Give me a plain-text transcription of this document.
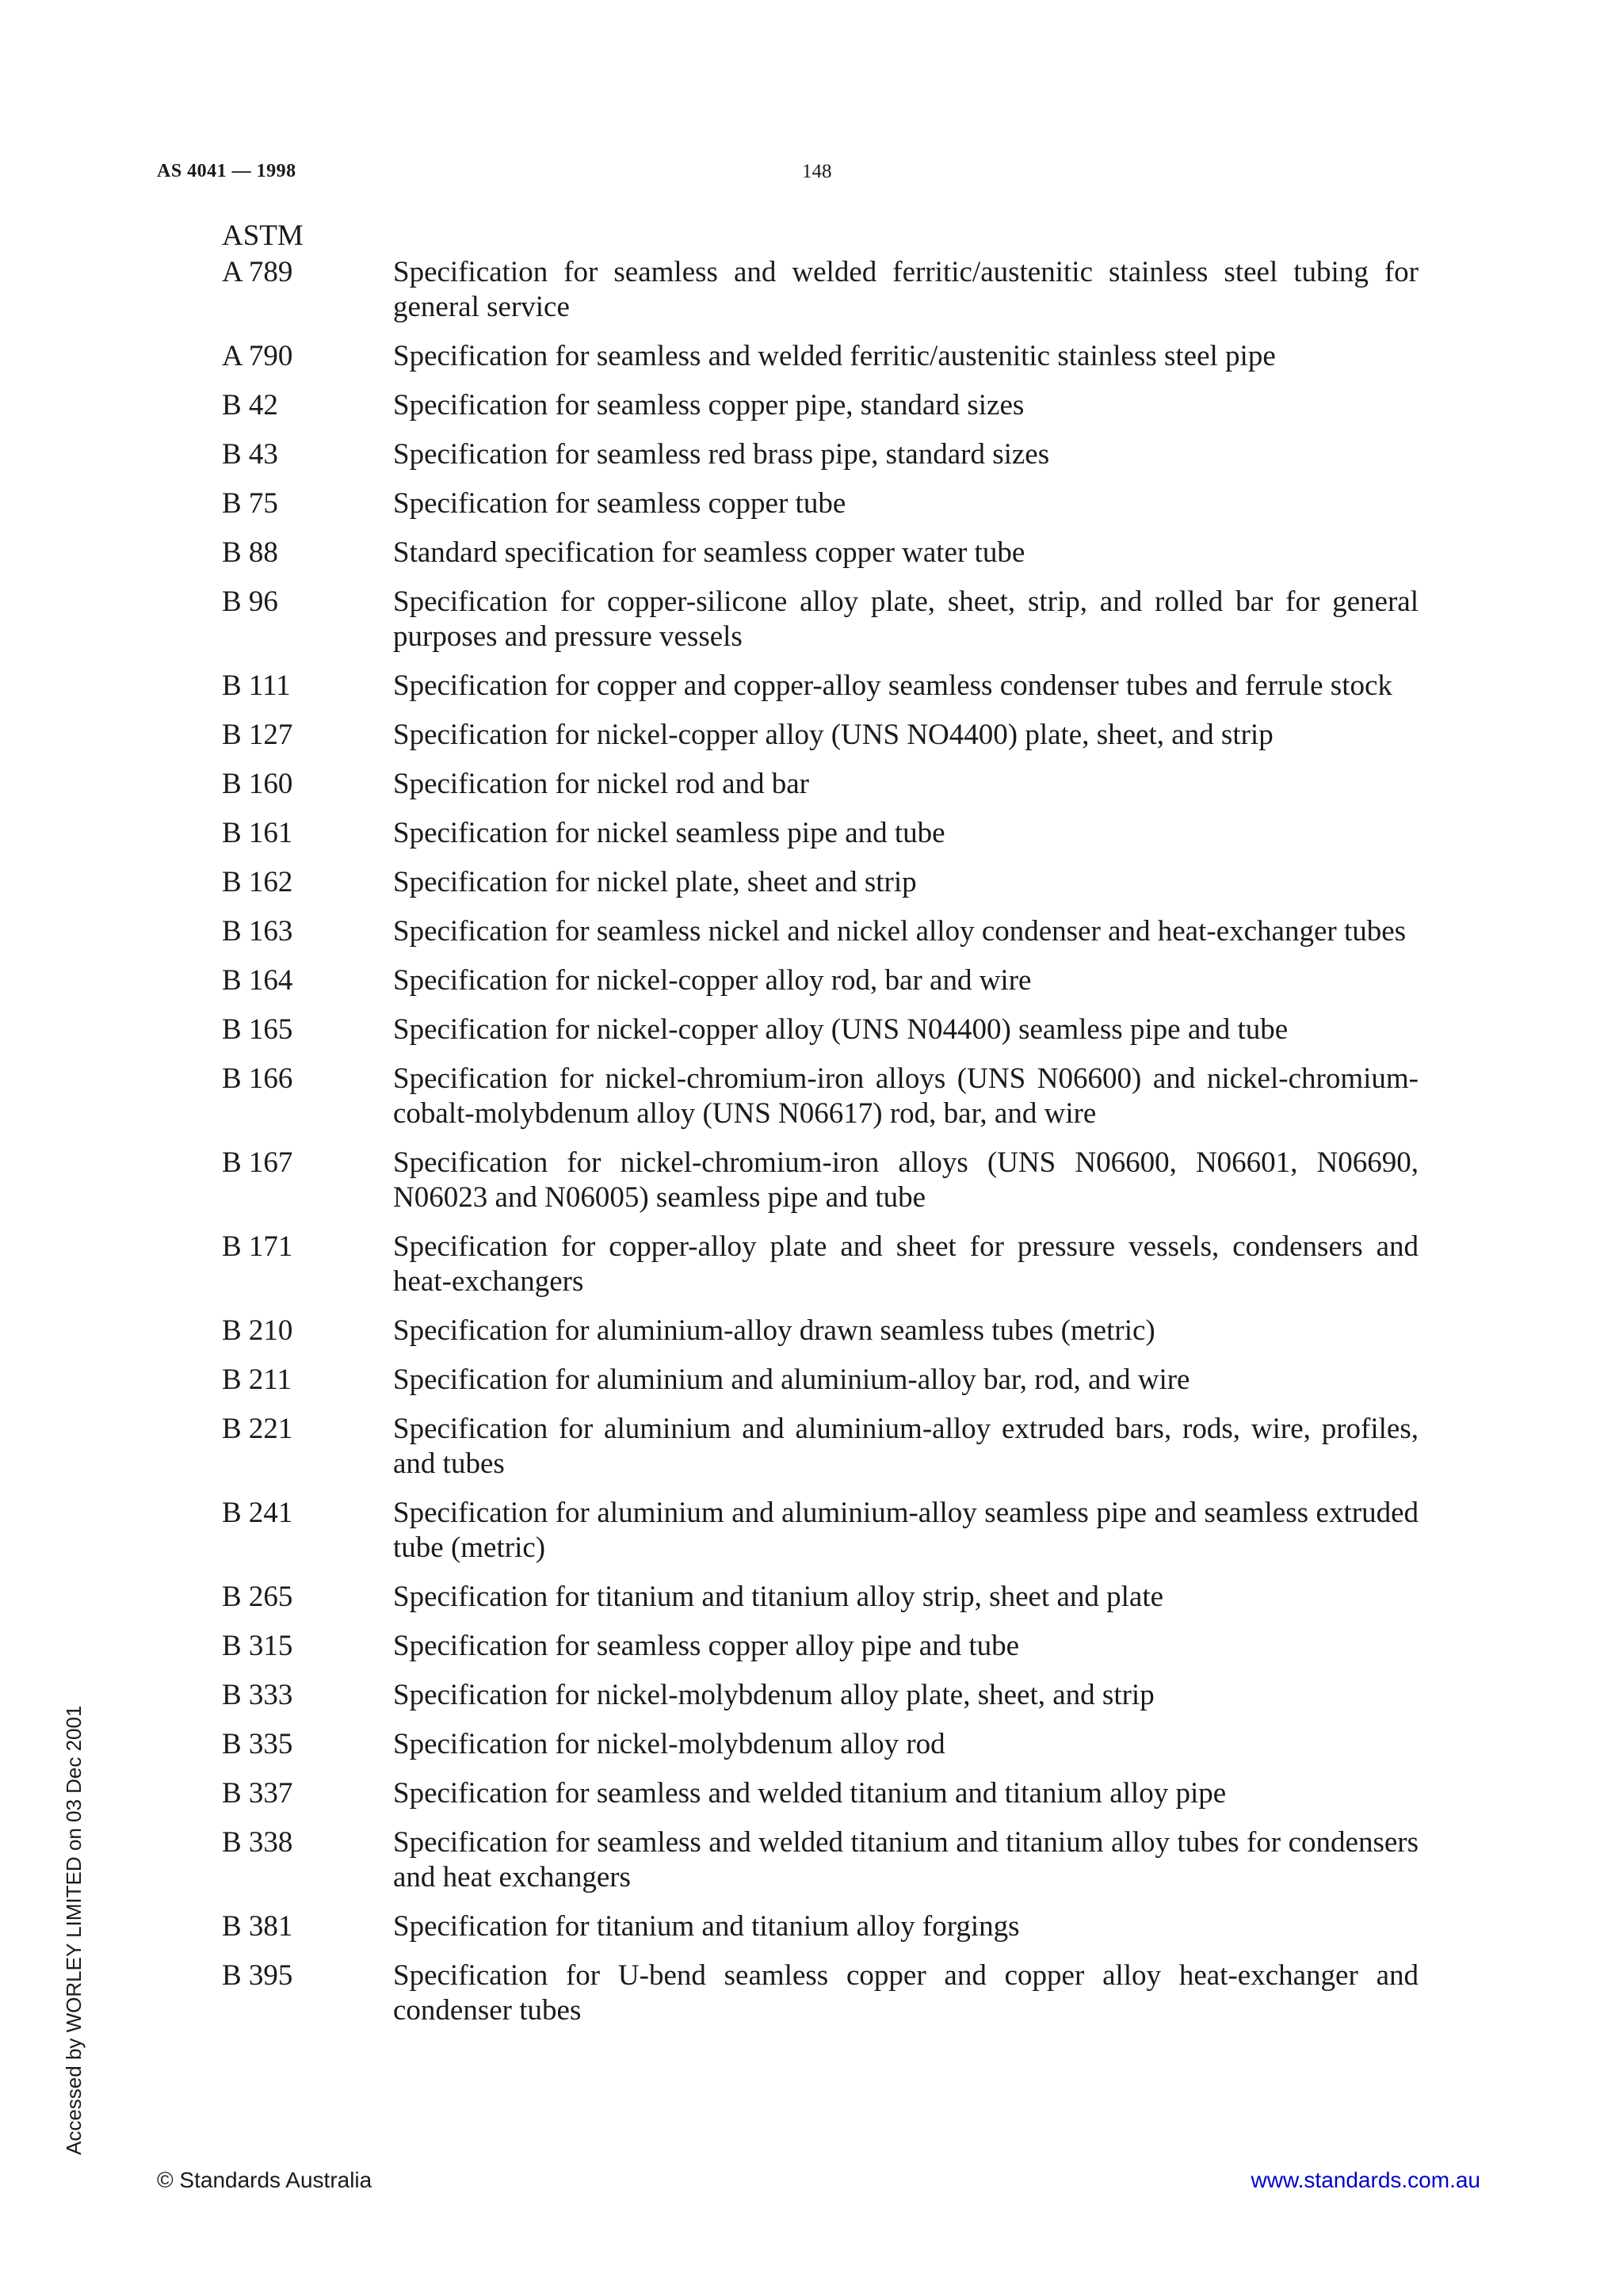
AS 4041 — 1998	148
ASTM
A 789	Specification for seamless and welded ferritic/austenitic stainless steel tubing for general service
A 790	Specification for seamless and welded ferritic/austenitic stainless steel pipe
B 42	Specification for seamless copper pipe, standard sizes
B 43	Specification for seamless red brass pipe, standard sizes
B 75	Specification for seamless copper tube
B 88	Standard specification for seamless copper water tube
B 96	Specification for copper-silicone alloy plate, sheet, strip, and rolled bar for general purposes and pressure vessels
B 111	Specification for copper and copper-alloy seamless condenser tubes and ferrule stock
B 127	Specification for nickel-copper alloy (UNS NO4400) plate, sheet, and strip
B 160	Specification for nickel rod and bar
B 161	Specification for nickel seamless pipe and tube
B 162	Specification for nickel plate, sheet and strip
B 163	Specification for seamless nickel and nickel alloy condenser and heat-exchanger tubes
B 164	Specification for nickel-copper alloy rod, bar and wire
B 165	Specification for nickel-copper alloy (UNS N04400) seamless pipe and tube
B 166	Specification for nickel-chromium-iron alloys (UNS N06600) and nickel-chromium-cobalt-molybdenum alloy (UNS N06617) rod, bar, and wire
B 167	Specification for nickel-chromium-iron alloys (UNS N06600, N06601, N06690, N06023 and N06005) seamless pipe and tube
B 171	Specification for copper-alloy plate and sheet for pressure vessels, condensers and heat-exchangers
B 210	Specification for aluminium-alloy drawn seamless tubes (metric)
B 211	Specification for aluminium and aluminium-alloy bar, rod, and wire
B 221	Specification for aluminium and aluminium-alloy extruded bars, rods, wire, profiles, and tubes
B 241	Specification for aluminium and aluminium-alloy seamless pipe and seamless extruded tube (metric)
B 265	Specification for titanium and titanium alloy strip, sheet and plate
B 315	Specification for seamless copper alloy pipe and tube
B 333	Specification for nickel-molybdenum alloy plate, sheet, and strip
B 335	Specification for nickel-molybdenum alloy rod
B 337	Specification for seamless and welded titanium and titanium alloy pipe
B 338	Specification for seamless and welded titanium and titanium alloy tubes for condensers and heat exchangers
B 381	Specification for titanium and titanium alloy forgings
B 395	Specification for U-bend seamless copper and copper alloy heat-exchanger and condenser tubes
Accessed by WORLEY LIMITED on 03 Dec 2001
© Standards Australia	www.standards.com.au
